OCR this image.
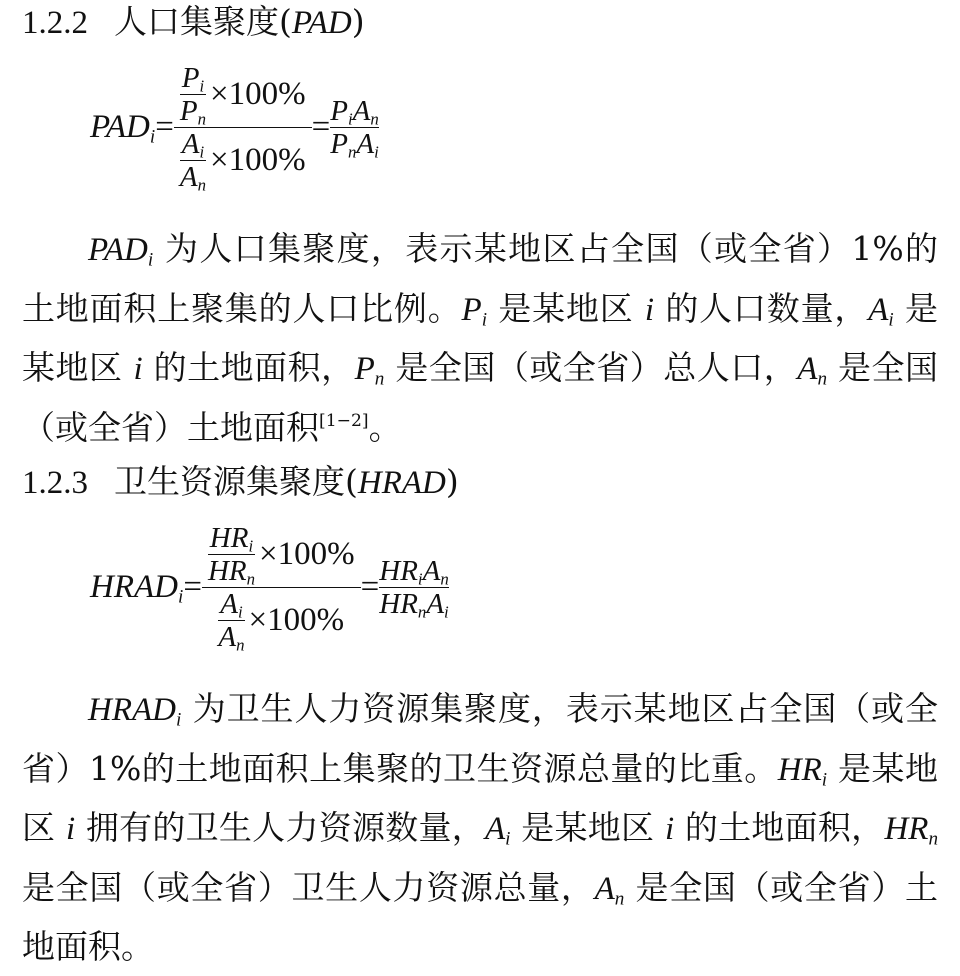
1.2.2 人口集聚度(PAD)
$PAD_i = \frac{\frac{P_i}{P_n} \times 100\%}{\frac{A_i}{A_n} \times 100\%} = \frac{P_iA_n}{P_nA_i}$
$PAD_i$ 为人口集聚度，表示某地区占全国（或全省）1%的土地面积上聚集的人口比例。$P_i$ 是某地区 i 的人口数量，$A_i$ 是某地区 i 的土地面积，$P_n$ 是全国（或全省）总人口，$A_n$ 是全国（或全省）土地面积[1−2]。
1.2.3 卫生资源集聚度(HRAD)
$HRAD_i = \frac{\frac{HR_i}{HR_n} \times 100\%}{\frac{A_i}{A_n} \times 100\%} = \frac{HR_iA_n}{HR_nA_i}$
$HRAD_i$ 为卫生人力资源集聚度，表示某地区占全国（或全省）1%的土地面积上集聚的卫生资源总量的比重。$HR_i$ 是某地区 i 拥有的卫生人力资源数量，$A_i$ 是某地区 i 的土地面积，$HR_n$ 是全国（或全省）卫生人力资源总量，$A_n$ 是全国（或全省）土地面积。
